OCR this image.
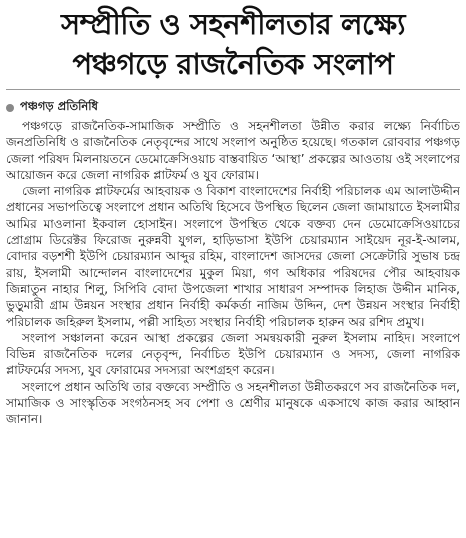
সম্প্রীতি ও সহনশীলতার লক্ষ্যে
পঞ্চগড়ে রাজনৈতিক সংলাপ
পঞ্চগড় প্রতিনিধি

পঞ্চগড়ে রাজনৈতিক-সামাজিক সম্প্রীতি ও সহনশীলতা উন্নীত করার লক্ষ্যে নির্বাচিত জনপ্রতিনিধি ও রাজনৈতিক নেতৃবৃন্দের সাথে সংলাপ অনুষ্ঠিত হয়েছে। গতকাল রোববার পঞ্চগড় জেলা পরিষদ মিলনায়তনে ডেমোক্রেসিওয়াচ বাস্তবায়িত ‘আস্থা’ প্রকল্পের আওতায় ওই সংলাপের আয়োজন করে জেলা নাগরিক প্লাটফর্ম ও যুব ফোরাম।

জেলা নাগরিক প্লাটফর্মের আহবায়ক ও বিকাশ বাংলাদেশের নির্বাহী পরিচালক এম আলাউদ্দীন প্রধানের সভাপতিত্বে সংলাপে প্রধান অতিথি হিসেবে উপস্থিত ছিলেন জেলা জামায়াতে ইসলামীর আমির মাওলানা ইকবাল হোসাইন। সংলাপে উপস্থিত থেকে বক্তব্য দেন ডেমোক্রেসিওয়াচের প্রোগ্রাম ডিরেক্টর ফিরোজ নুরুন্নবী যুগল, হাড়িভাসা ইউপি চেয়ারম্যান সাইয়েদ নূর-ই-আলম, বোদার বড়শশী ইউপি চেয়ারম্যান আব্দুর রহিম, বাংলাদেশ জাসদের জেলা সেক্রেটারি সুভাষ চন্দ্র রায়, ইসলামী আন্দোলন বাংলাদেশের মুকুল মিয়া, গণ অধিকার পরিষদের পৌর আহবায়ক জিন্নাতুন নাহার শিলু, সিপিবি বোদা উপজেলা শাখার সাধারণ সম্পাদক লিহাজ উদ্দীন মানিক, ভুড়ুমারী গ্রাম উন্নয়ন সংস্থার প্রধান নির্বাহী কর্মকর্তা নাজিম উদ্দিন, দেশ উন্নয়ন সংস্থার নির্বাহী পরিচালক জহিরুল ইসলাম, পল্লী সাহিত্য সংস্থার নির্বাহী পরিচালক হারুন অর রশিদ প্রমুখ।

সংলাপ সঞ্চালনা করেন আস্থা প্রকল্পের জেলা সমন্বয়কারী নুরুল ইসলাম নাহিদ। সংলাপে বিভিন্ন রাজনৈতিক দলের নেতৃবৃন্দ, নির্বাচিত ইউপি চেয়ারম্যান ও সদস্য, জেলা নাগরিক প্লাটফর্মের সদস্য, যুব ফোরামের সদস্যরা অংশগ্রহণ করেন।

সংলাপে প্রধান অতিথি তার বক্তব্যে সম্প্রীতি ও সহনশীলতা উন্নীতকরণে সব রাজনৈতিক দল, সামাজিক ও সাংস্কৃতিক সংগঠনসহ সব পেশা ও শ্রেণীর মানুষকে একসাথে কাজ করার আহ্বান জানান।
